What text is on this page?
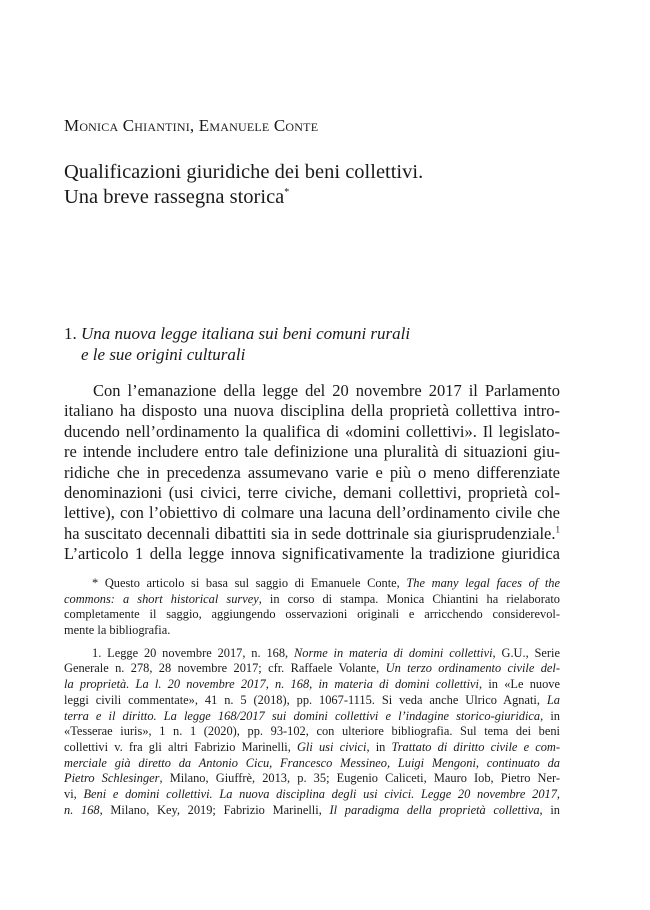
Monica Chiantini, Emanuele Conte
Qualificazioni giuridiche dei beni collettivi.
Una breve rassegna storica*
1. Una nuova legge italiana sui beni comuni rurali
e le sue origini culturali
Con l’emanazione della legge del 20 novembre 2017 il Parlamento
italiano ha disposto una nuova disciplina della proprietà collettiva intro-
ducendo nell’ordinamento la qualifica di «domini collettivi». Il legislato-
re intende includere entro tale definizione una pluralità di situazioni giu-
ridiche che in precedenza assumevano varie e più o meno differenziate
denominazioni (usi civici, terre civiche, demani collettivi, proprietà col-
lettive), con l’obiettivo di colmare una lacuna dell’ordinamento civile che
ha suscitato decennali dibattiti sia in sede dottrinale sia giurisprudenziale.$^1$
L’articolo 1 della legge innova significativamente la tradizione giuridica
* Questo articolo si basa sul saggio di Emanuele Conte, The many legal faces of the
commons: a short historical survey, in corso di stampa. Monica Chiantini ha rielaborato
completamente il saggio, aggiungendo osservazioni originali e arricchendo considerevol-
mente la bibliografia.
1. Legge 20 novembre 2017, n. 168, Norme in materia di domini collettivi, G.U., Serie
Generale n. 278, 28 novembre 2017; cfr. Raffaele Volante, Un terzo ordinamento civile del-
la proprietà. La l. 20 novembre 2017, n. 168, in materia di domini collettivi, in «Le nuove
leggi civili commentate», 41 n. 5 (2018), pp. 1067-1115. Si veda anche Ulrico Agnati, La
terra e il diritto. La legge 168/2017 sui domini collettivi e l’indagine storico-giuridica, in
«Tesserae iuris», 1 n. 1 (2020), pp. 93-102, con ulteriore bibliografia. Sul tema dei beni
collettivi v. fra gli altri Fabrizio Marinelli, Gli usi civici, in Trattato di diritto civile e com-
merciale già diretto da Antonio Cicu, Francesco Messineo, Luigi Mengoni, continuato da
Pietro Schlesinger, Milano, Giuffrè, 2013, p. 35; Eugenio Caliceti, Mauro Iob, Pietro Ner-
vi, Beni e domini collettivi. La nuova disciplina degli usi civici. Legge 20 novembre 2017,
n. 168, Milano, Key, 2019; Fabrizio Marinelli, Il paradigma della proprietà collettiva, in
